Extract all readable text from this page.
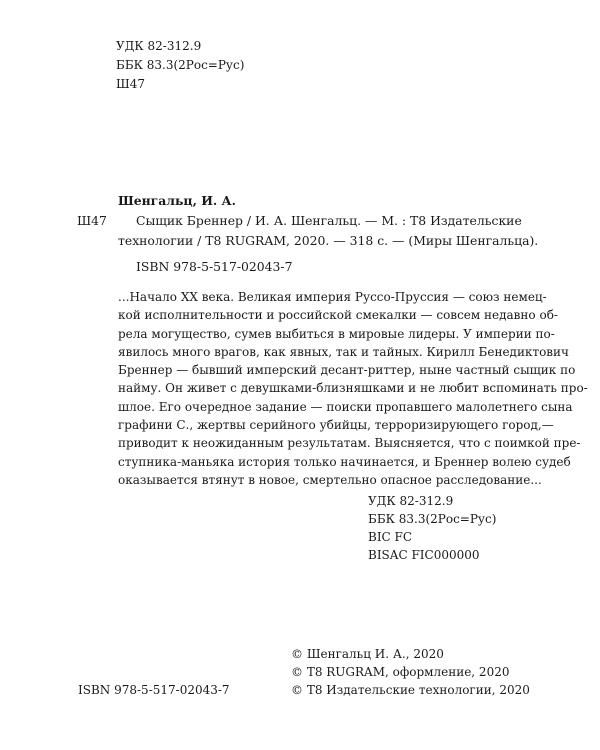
УДК 82-312.9
ББК 83.3(2Рос=Рус)
Ш47
Шенгальц, И. А.
Ш47 Сыщик Бреннер / И. А. Шенгальц. — М. : Т8 Издательские
технологии / T8 RUGRAM, 2020. — 318 с. — (Миры Шенгальца).
ISBN 978-5-517-02043-7
...Начало XX века. Великая империя Руссо-Пруссия — союз немец-
кой исполнительности и российской смекалки — совсем недавно об-
рела могущество, сумев выбиться в мировые лидеры. У империи по-
явилось много врагов, как явных, так и тайных. Кирилл Бенедиктович
Бреннер — бывший имперский десант-риттер, ныне частный сыщик по
найму. Он живет с девушками-близняшками и не любит вспоминать про-
шлое. Его очередное задание — поиски пропавшего малолетнего сына
графини С., жертвы серийного убийцы, терроризирующего город,—
приводит к неожиданным результатам. Выясняется, что с поимкой пре-
ступника-маньяка история только начинается, и Бреннер волею судеб
оказывается втянут в новое, смертельно опасное расследование...
УДК 82-312.9
ББК 83.3(2Рос=Рус)
BIC FC
BISAC FIC000000
ISBN 978-5-517-02043-7
© Шенгальц И. А., 2020
© T8 RUGRAM, оформление, 2020
© Т8 Издательские технологии, 2020
